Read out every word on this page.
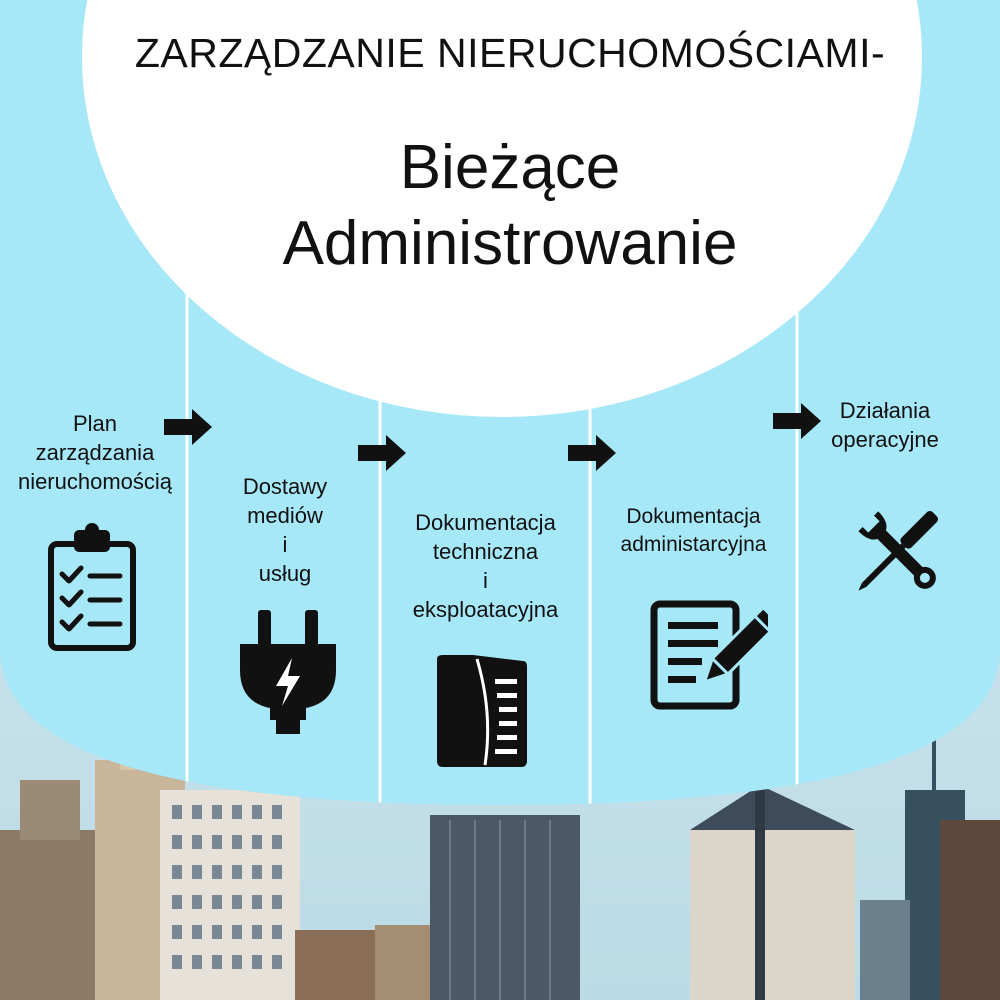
ZARZĄDZANIE NIERUCHOMOŚCIAMI-
Bieżące
Administrowanie
Plan
zarządzania
nieruchomością	Dostawy
mediów
i
usług
Dokumentacja
techniczna
i
eksploatacyjna
Dokumentacja
administarcyjna
Działania
operacyjne
